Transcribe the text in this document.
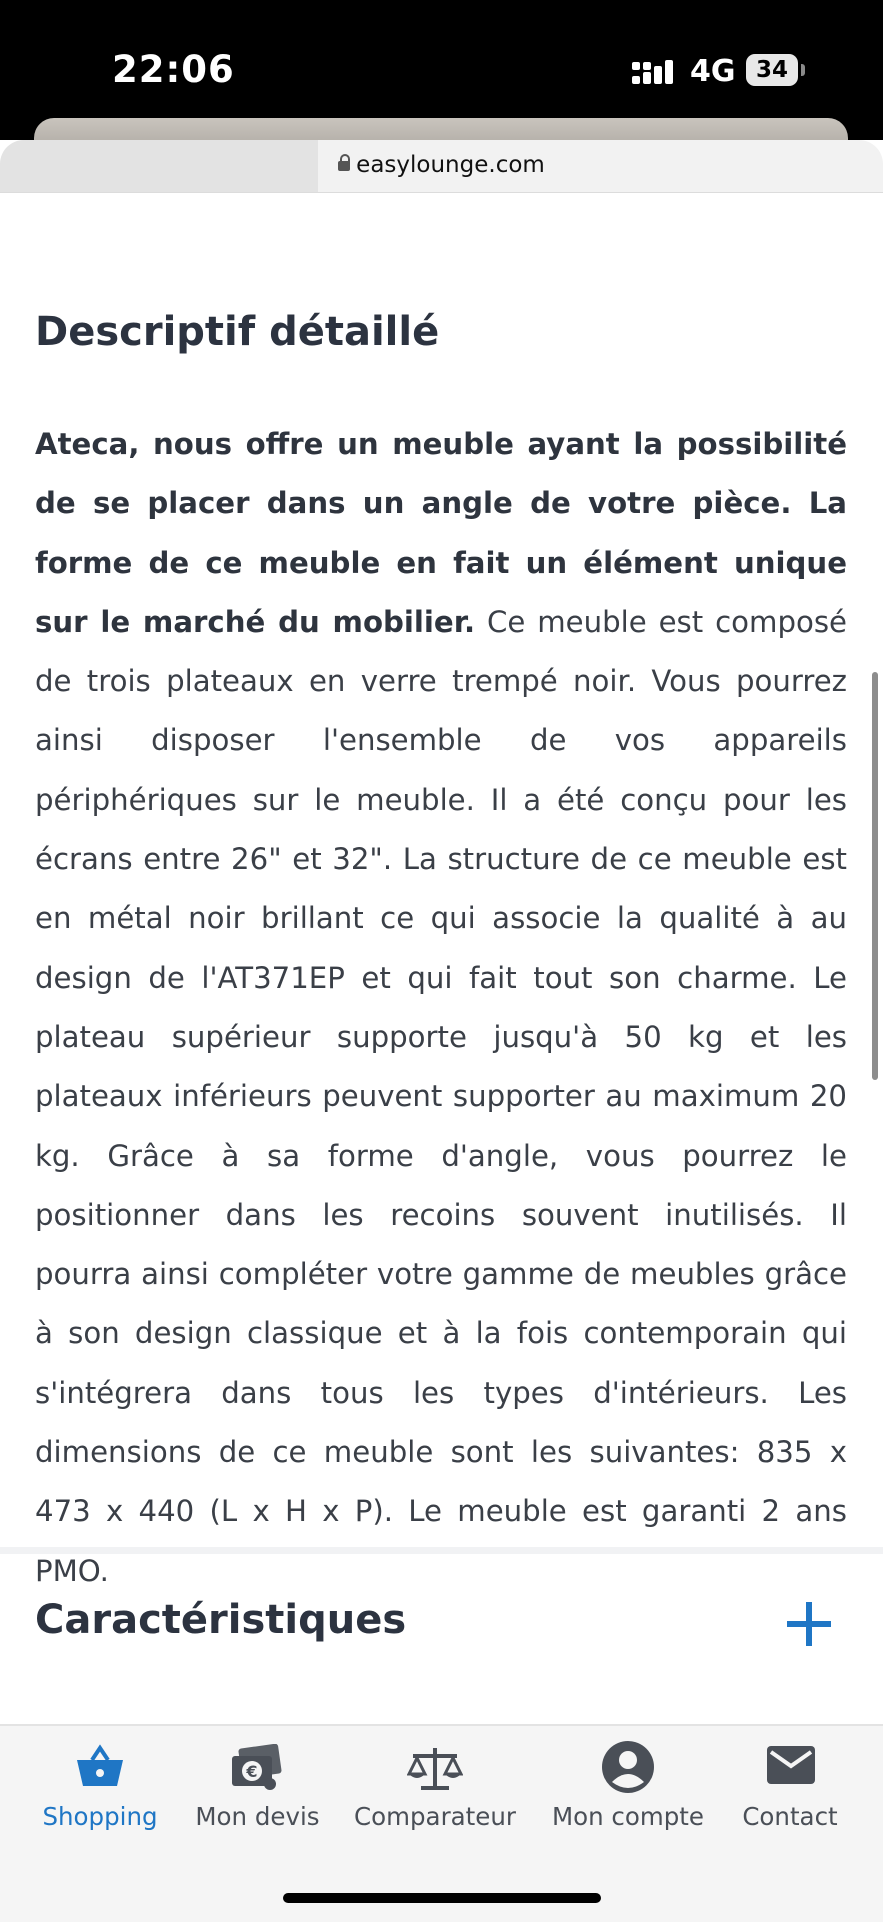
22:06	4G 34
easylounge.com
Descriptif détaillé

Ateca, nous offre un meuble ayant la possibilité de se placer dans un angle de votre pièce. La forme de ce meuble en fait un élément unique sur le marché du mobilier. Ce meuble est composé de trois plateaux en verre trempé noir. Vous pourrez ainsi disposer l'ensemble de vos appareils périphériques sur le meuble. Il a été conçu pour les écrans entre 26" et 32". La structure de ce meuble est en métal noir brillant ce qui associe la qualité à au design de l'AT371EP et qui fait tout son charme. Le plateau supérieur supporte jusqu'à 50 kg et les plateaux inférieurs peuvent supporter au maximum 20 kg. Grâce à sa forme d'angle, vous pourrez le positionner dans les recoins souvent inutilisés. Il pourra ainsi compléter votre gamme de meubles grâce à son design classique et à la fois contemporain qui s'intégrera dans tous les types d'intérieurs. Les dimensions de ce meuble sont les suivantes: 835 x 473 x 440 (L x H x P). Le meuble est garanti 2 ans PMO.

Caractéristiques
Shopping
€
Mon devis Comparateur Mon compte Contact
